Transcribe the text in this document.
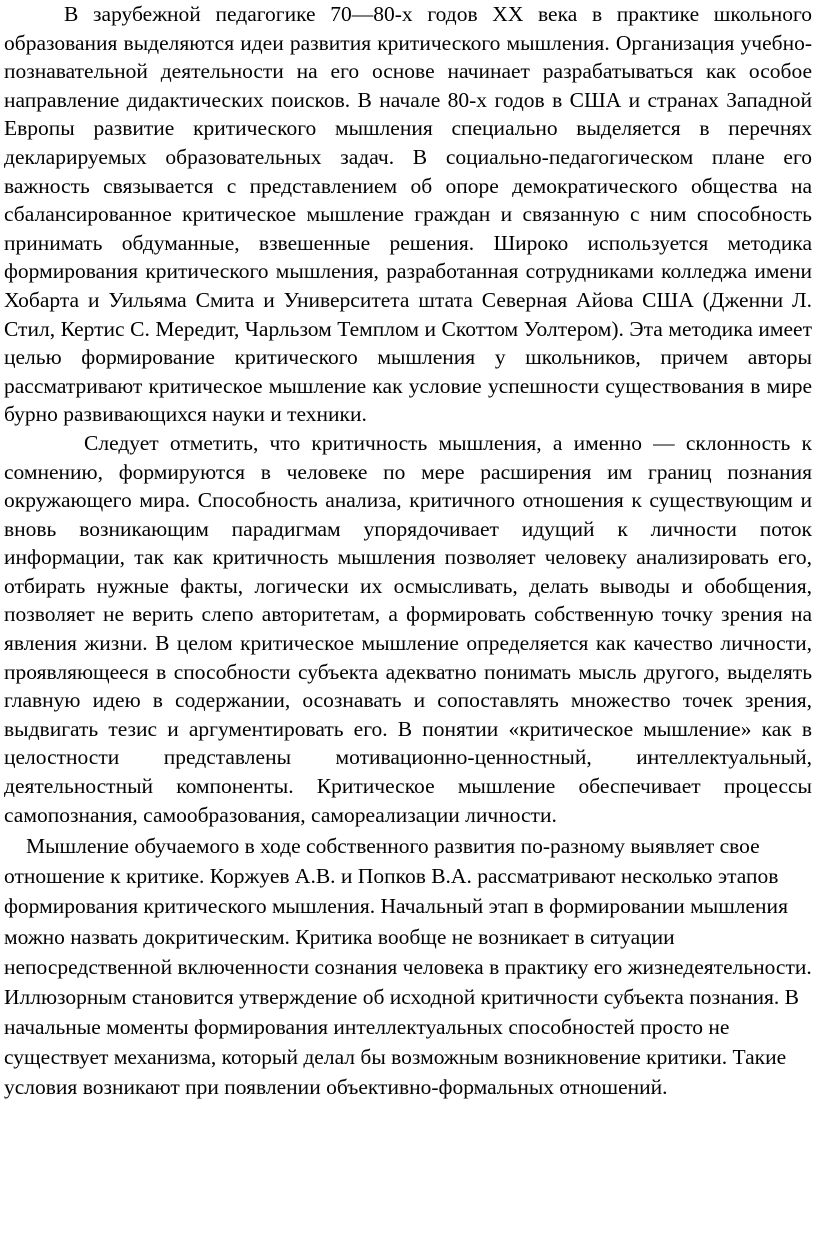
В зарубежной педагогике 70—80-х годов XX века в практике школьного образования выделяются идеи развития критического мышления. Организация учебно-познавательной деятельности на его основе начинает разрабатываться как особое направление дидактических поисков. В начале 80-х годов в США и странах Западной Европы развитие критического мышления специально выделяется в перечнях декларируемых образовательных задач. В социально-педагогическом плане его важность связывается с представлением об опоре демократического общества на сбалансированное критическое мышление граждан и связанную с ним способность принимать обдуманные, взвешенные решения. Широко используется методика формирования критического мышления, разработанная сотрудниками колледжа имени Хобарта и Уильяма Смита и Университета штата Северная Айова США (Дженни Л. Стил, Кертис С. Мередит, Чарльзом Темплом и Скоттом Уолтером). Эта методика имеет целью формирование критического мышления у школьников, причем авторы рассматривают критическое мышление как условие успешности существования в мире бурно развивающихся науки и техники.

Следует отметить, что критичность мышления, а именно — склонность к сомнению, формируются в человеке по мере расширения им границ познания окружающего мира. Способность анализа, критичного отношения к существующим и вновь возникающим парадигмам упорядочивает идущий к личности поток информации, так как критичность мышления позволяет человеку анализировать его, отбирать нужные факты, логически их осмысливать, делать выводы и обобщения, позволяет не верить слепо авторитетам, а формировать собственную точку зрения на явления жизни. В целом критическое мышление определяется как качество личности, проявляющееся в способности субъекта адекватно понимать мысль другого, выделять главную идею в содержании, осознавать и сопоставлять множество точек зрения, выдвигать тезис и аргументировать его. В понятии «критическое мышление» как в целостности представлены мотивационно-ценностный, интеллектуальный, деятельностный компоненты. Критическое мышление обеспечивает процессы самопознания, самообразования, самореализации личности.

Мышление обучаемого в ходе собственного развития по-разному выявляет свое отношение к критике. Коржуев А.В. и Попков В.А. рассматривают несколько этапов формирования критического мышления. Начальный этап в формировании мышления можно назвать докритическим. Критика вообще не возникает в ситуации непосредственной включенности сознания человека в практику его жизнедеятельности. Иллюзорным становится утверждение об исходной критичности субъекта познания. В начальные моменты формирования интеллектуальных способностей просто не существует механизма, который делал бы возможным возникновение критики. Такие условия возникают при появлении объективно-формальных отношений.
